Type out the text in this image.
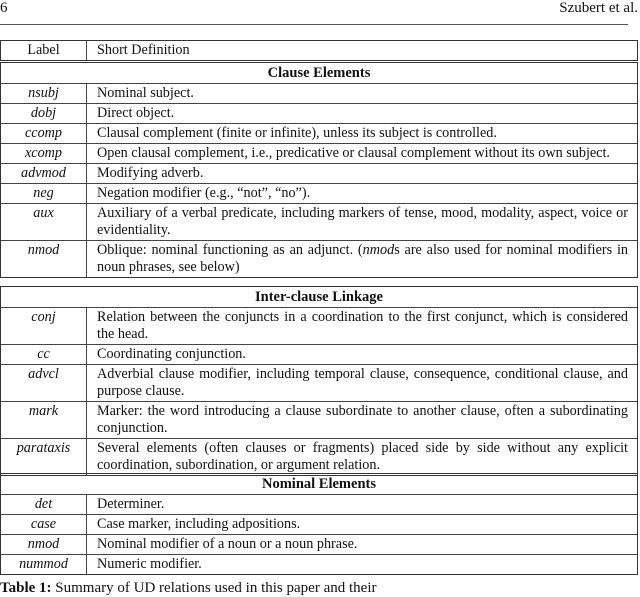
6	Szubert et al.
Label	Short Definition
Clause Elements
nsubj	Nominal subject.
dobj	Direct object.
ccomp	Clausal complement (finite or infinite), unless its subject is controlled.
xcomp	Open clausal complement, i.e., predicative or clausal complement without its own subject.
advmod	Modifying adverb.
neg	Negation modifier (e.g., “not”, “no”).
aux	Auxiliary of a verbal predicate, including markers of tense, mood, modality, aspect, voice or evidentiality.
nmod	Oblique: nominal functioning as an adjunct. (nmods are also used for nominal modifiers in noun phrases, see below)
Inter-clause Linkage
conj	Relation between the conjuncts in a coordination to the first conjunct, which is considered the head.
cc	Coordinating conjunction.
advcl	Adverbial clause modifier, including temporal clause, consequence, conditional clause, and purpose clause.
mark	Marker: the word introducing a clause subordinate to another clause, often a subordinating conjunction.
parataxis	Several elements (often clauses or fragments) placed side by side without any explicit coordination, subordination, or argument relation.
Nominal Elements
det	Determiner.
case	Case marker, including adpositions.
nmod	Nominal modifier of a noun or a noun phrase.
nummod	Numeric modifier.
Table 1: Summary of UD relations used in this paper and their
